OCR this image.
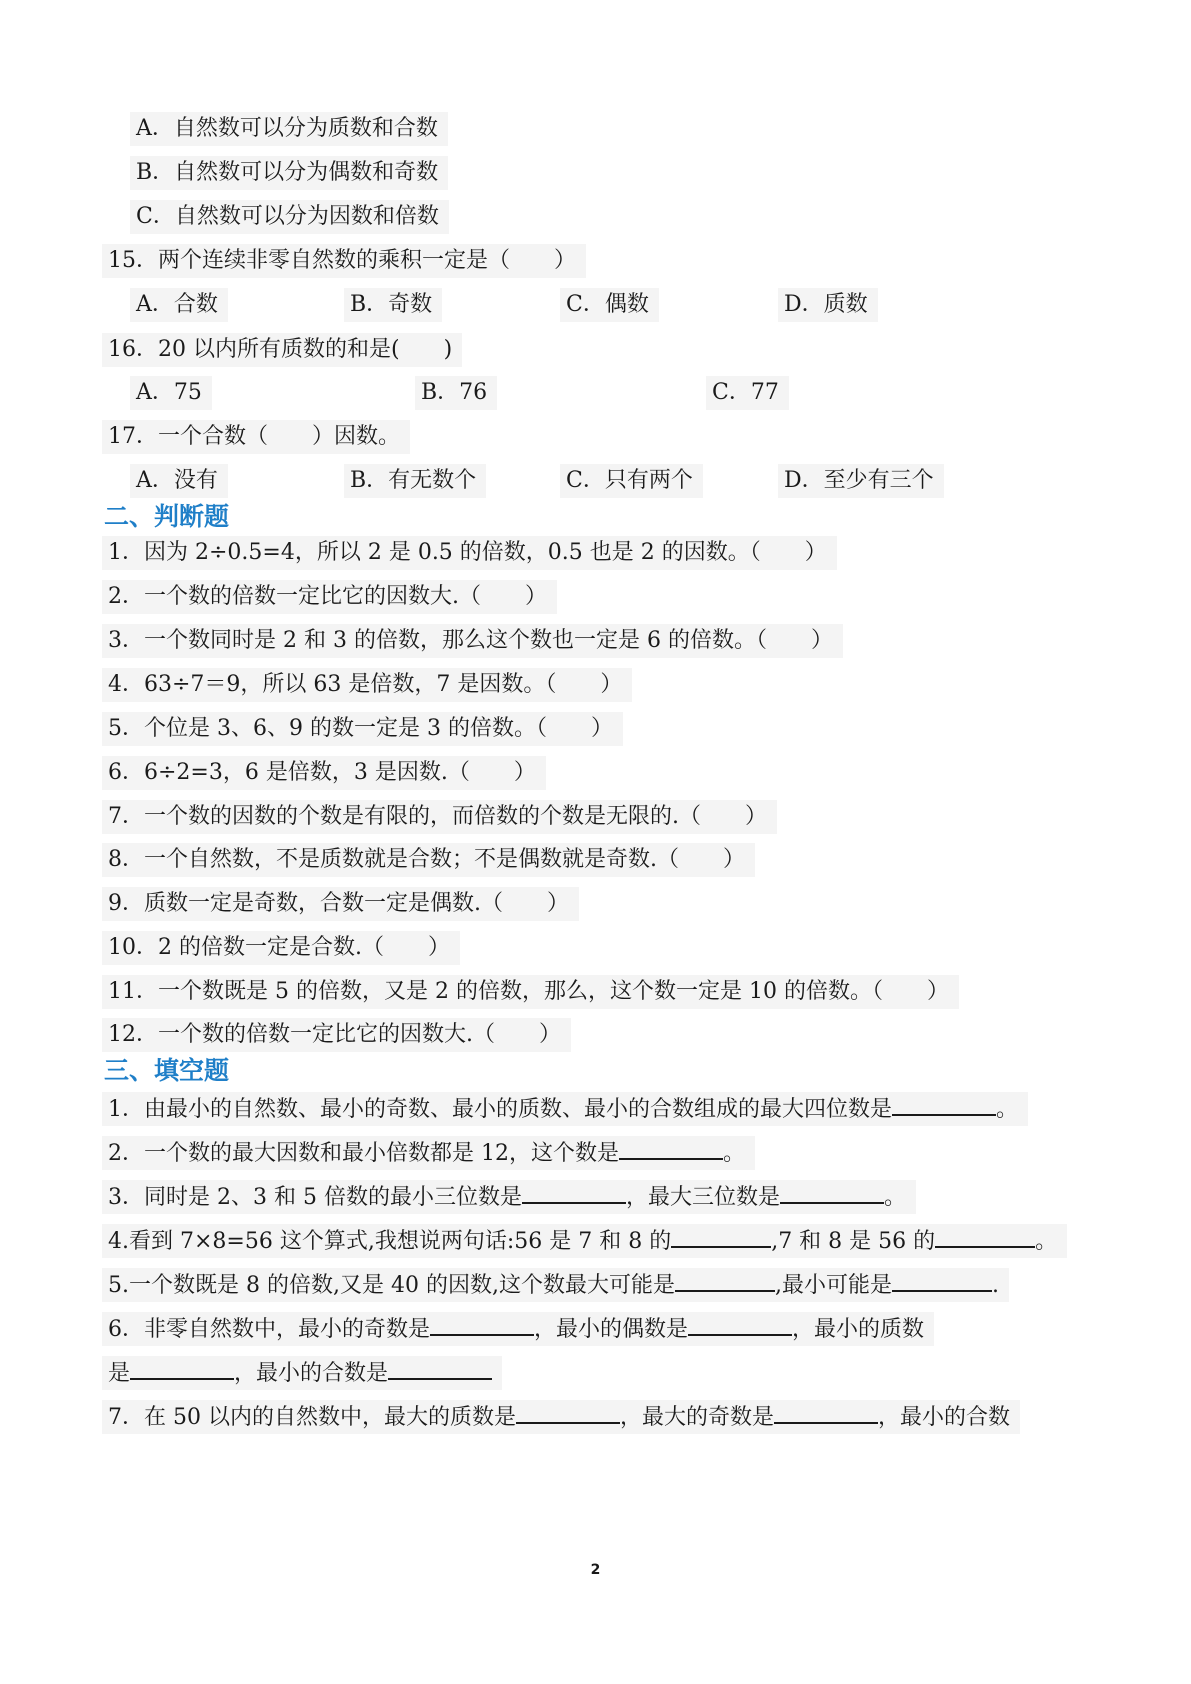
A．自然数可以分为质数和合数
B．自然数可以分为偶数和奇数
C．自然数可以分为因数和倍数
15．两个连续非零自然数的乘积一定是（　　）
A．合数	B．奇数	C．偶数	D．质数
16．20 以内所有质数的和是(　　)
A．75	B．76	C．77
17．一个合数（　　）因数。
A．没有	B．有无数个	C．只有两个	D．至少有三个
二、判断题
1．因为 2÷0.5=4，所以 2 是 0.5 的倍数，0.5 也是 2 的因数。（　　）
2．一个数的倍数一定比它的因数大.（　　）
3．一个数同时是 2 和 3 的倍数，那么这个数也一定是 6 的倍数。（　　）
4．63÷7＝9，所以 63 是倍数，7 是因数。（　　）
5．个位是 3、6、9 的数一定是 3 的倍数。（　　）
6．6÷2=3，6 是倍数，3 是因数.（　　）
7．一个数的因数的个数是有限的，而倍数的个数是无限的.（　　）
8．一个自然数，不是质数就是合数；不是偶数就是奇数.（　　）
9．质数一定是奇数，合数一定是偶数.（　　）
10．2 的倍数一定是合数.（　　）
11．一个数既是 5 的倍数，又是 2 的倍数，那么，这个数一定是 10 的倍数。（　　）
12．一个数的倍数一定比它的因数大.（　　）
三、填空题
1．由最小的自然数、最小的奇数、最小的质数、最小的合数组成的最大四位数是	。
2．一个数的最大因数和最小倍数都是 12，这个数是	。
3．同时是 2、3 和 5 倍数的最小三位数是	，最大三位数是	。
4.看到 7×8=56 这个算式,我想说两句话:56 是 7 和 8 的	,7 和 8 是 56 的	。
5.一个数既是 8 的倍数,又是 40 的因数,这个数最大可能是	,最小可能是	.
6．非零自然数中，最小的奇数是	，最小的偶数是	，最小的质数
是	，最小的合数是
7．在 50 以内的自然数中，最大的质数是	，最大的奇数是	，最小的合数
2
